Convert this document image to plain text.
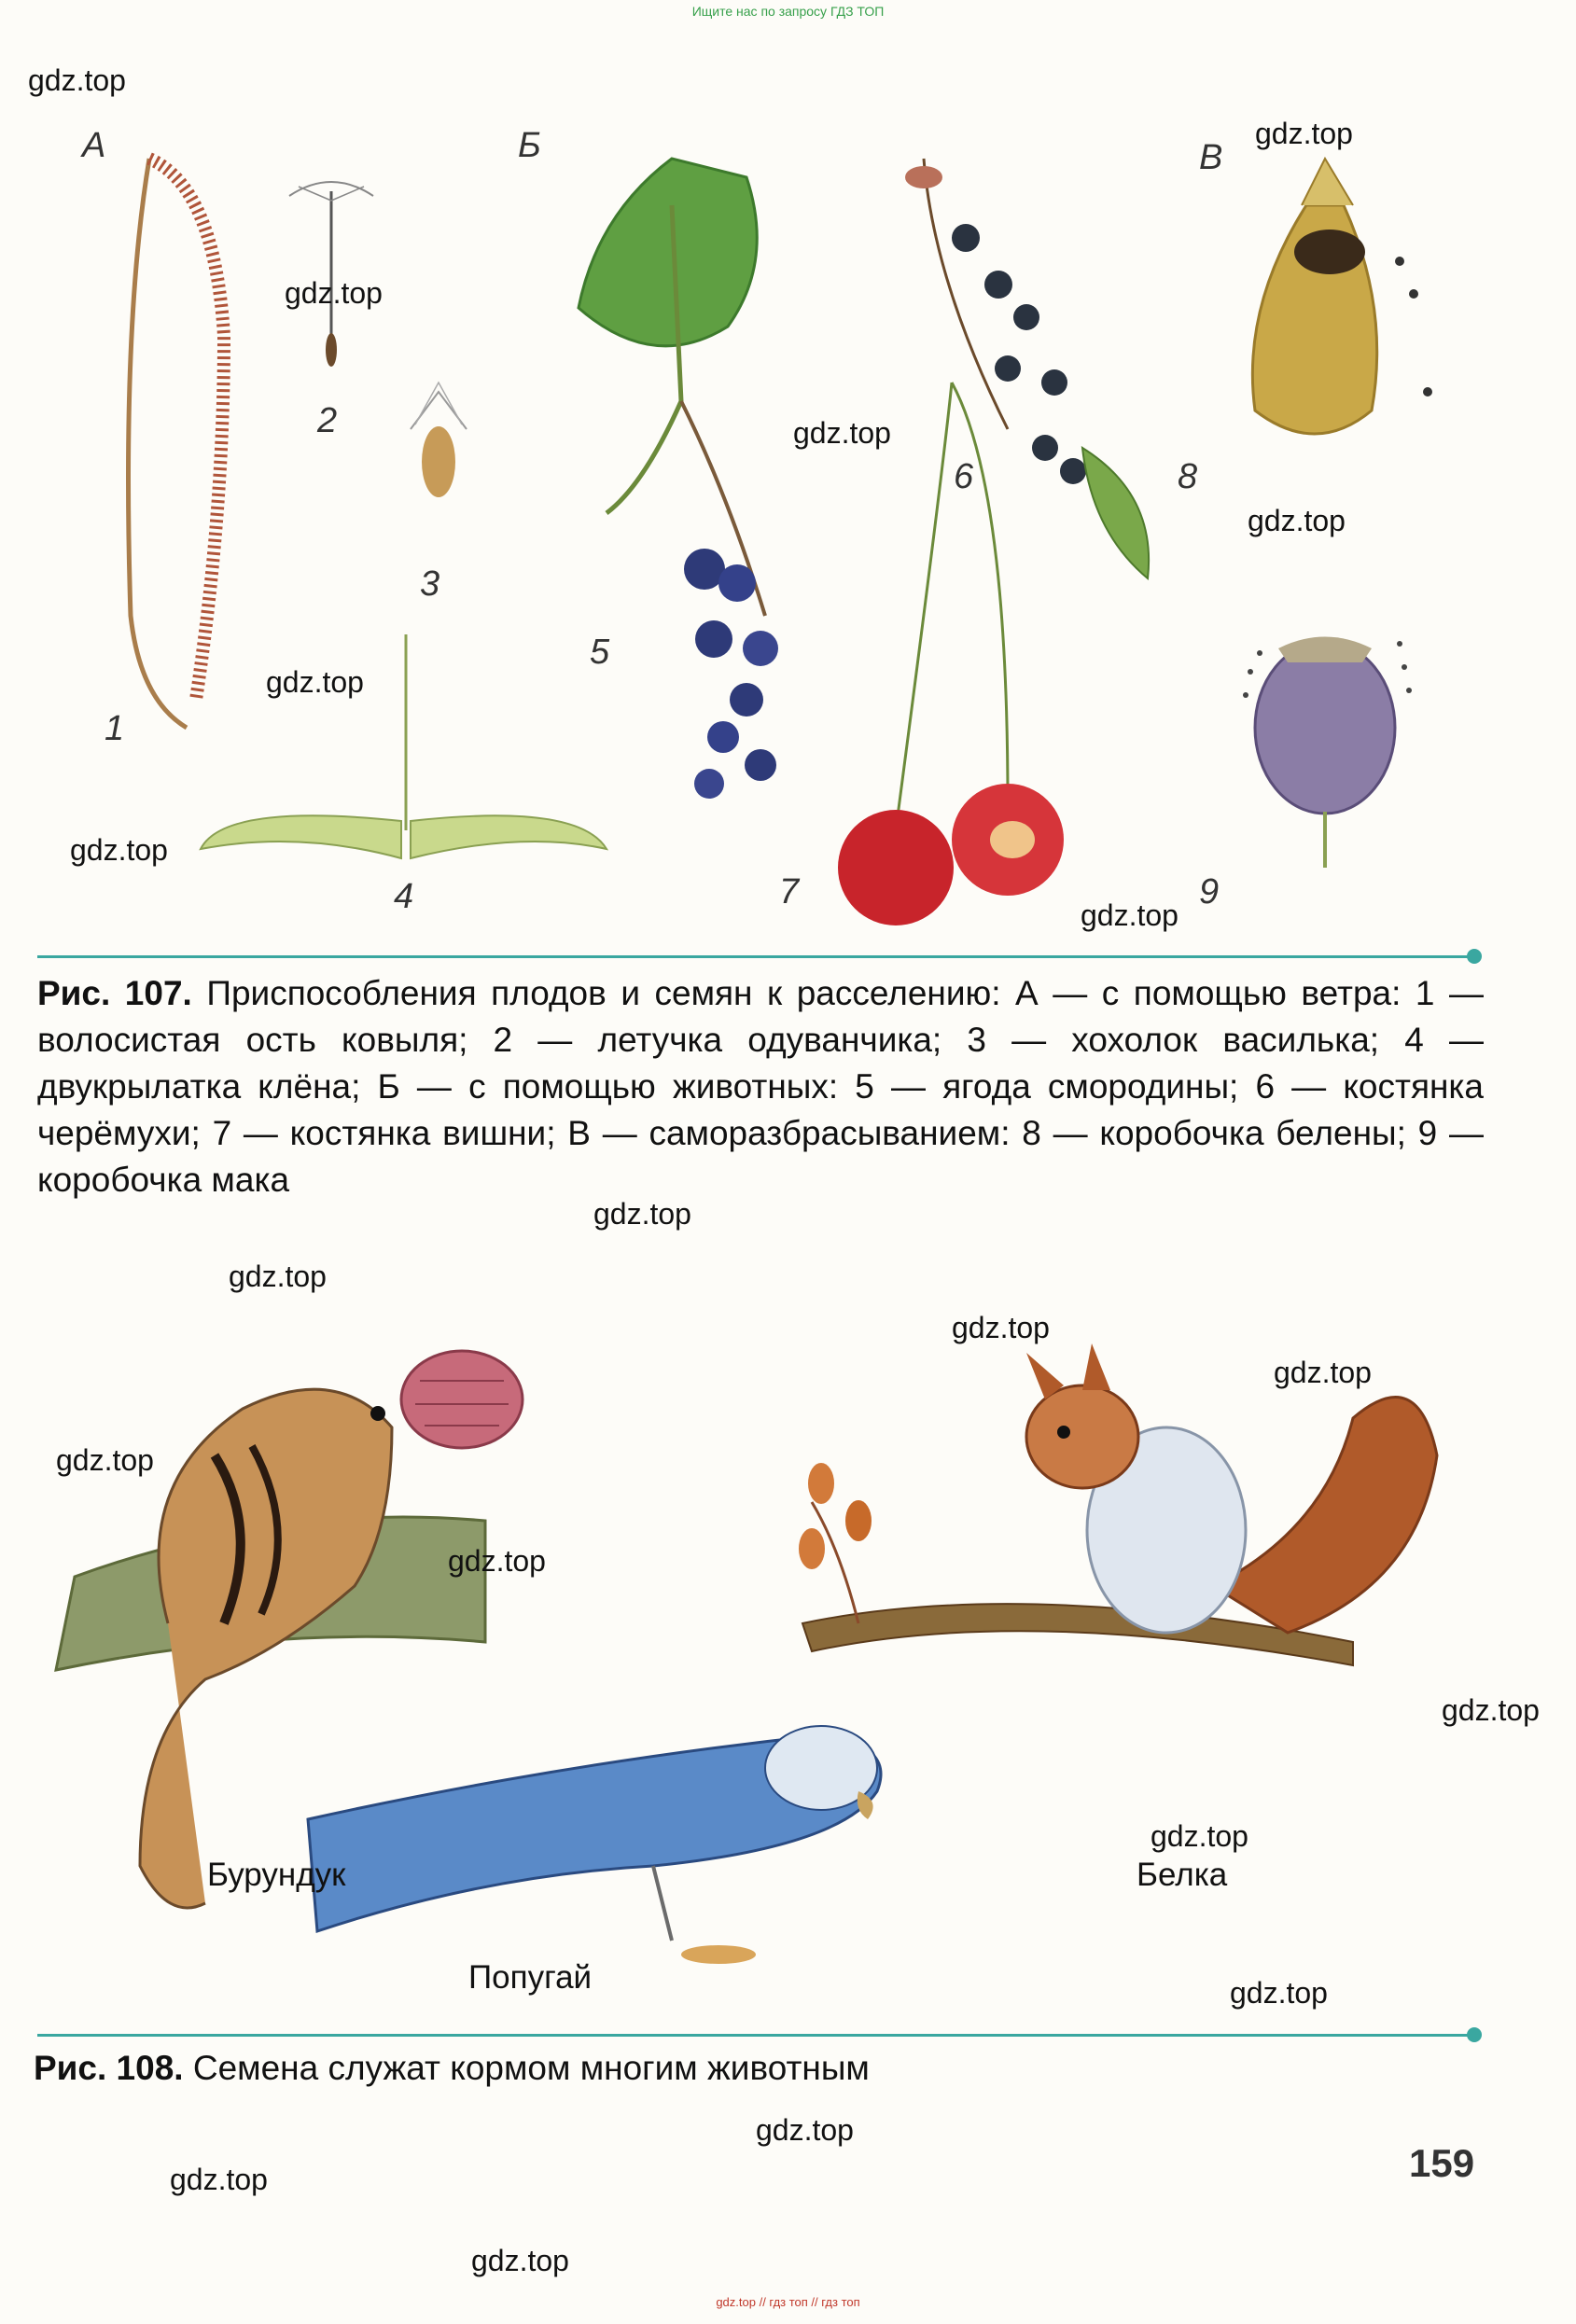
Ищите нас по запросу ГДЗ ТОП
А	Б	В
1
2
3
4
5
6
7
8
9
Рис. 107. Приспособления плодов и семян к расселению: А — с помощью ветра: 1 — волосистая ость ковыля; 2 — летучка одуванчика; 3 — хохолок василька; 4 — двукрылатка клёна; Б — с помощью животных: 5 — ягода смородины; 6 — костянка черёмухи; 7 — костянка вишни; В — саморазбрасыванием: 8 — коробочка белены; 9 — коробочка мака
Бурундук	Белка
Попугай
Рис. 108. Семена служат кормом многим животным
159
gdz.top
gdz.top
gdz.top
gdz.top
gdz.top
gdz.top
gdz.top
gdz.top
gdz.top
gdz.top
gdz.top
gdz.top
gdz.top
gdz.top
gdz.top
gdz.top
gdz.top
gdz.top
gdz.top
gdz.top
gdz.top // гдз топ // гдз топ
